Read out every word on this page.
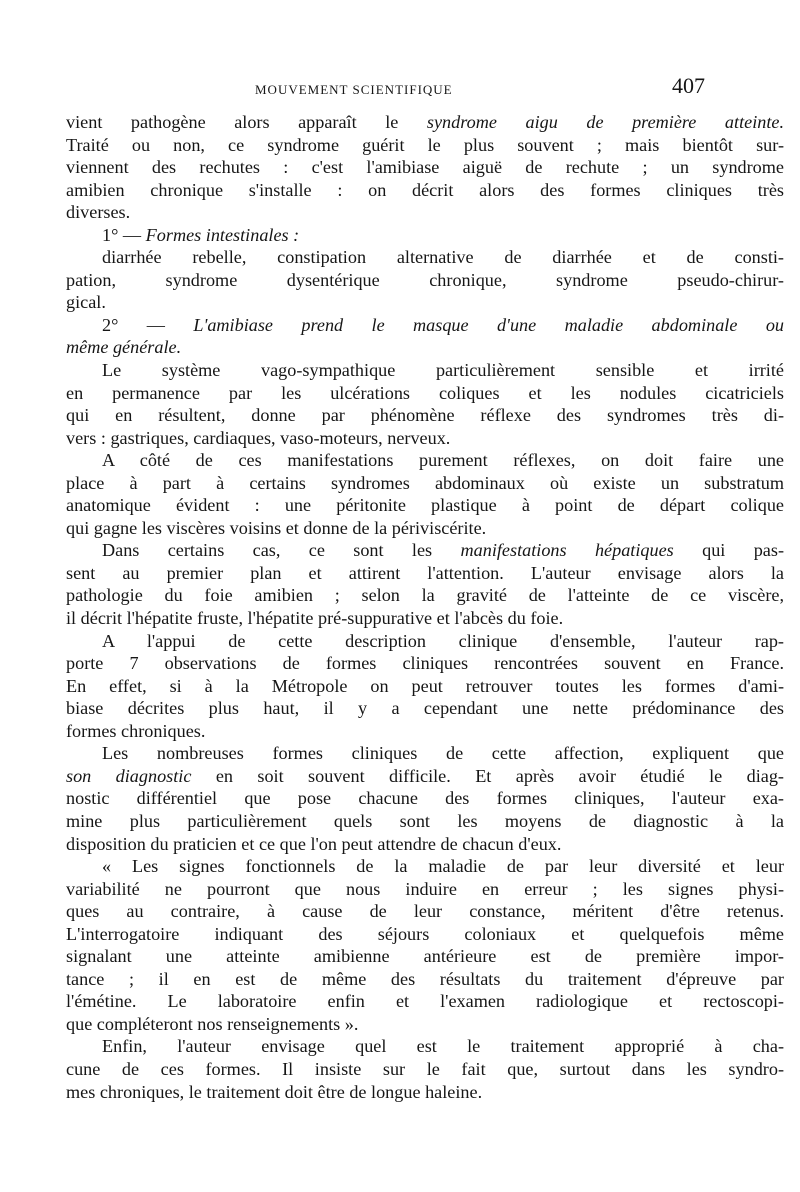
MOUVEMENT SCIENTIFIQUE	407
vient pathogène alors apparaît le syndrome aigu de première atteinte.
Traité ou non, ce syndrome guérit le plus souvent ; mais bientôt sur-
viennent des rechutes : c'est l'amibiase aiguë de rechute ; un syndrome
amibien chronique s'installe : on décrit alors des formes cliniques très
diverses.
1° — Formes intestinales :
diarrhée rebelle, constipation alternative de diarrhée et de consti-
pation, syndrome dysentérique chronique, syndrome pseudo-chirur-
gical.
2° — L'amibiase prend le masque d'une maladie abdominale ou
même générale.
Le système vago-sympathique particulièrement sensible et irrité
en permanence par les ulcérations coliques et les nodules cicatriciels
qui en résultent, donne par phénomène réflexe des syndromes très di-
vers : gastriques, cardiaques, vaso-moteurs, nerveux.
A côté de ces manifestations purement réflexes, on doit faire une
place à part à certains syndromes abdominaux où existe un substratum
anatomique évident : une péritonite plastique à point de départ colique
qui gagne les viscères voisins et donne de la périviscérite.
Dans certains cas, ce sont les manifestations hépatiques qui pas-
sent au premier plan et attirent l'attention. L'auteur envisage alors la
pathologie du foie amibien ; selon la gravité de l'atteinte de ce viscère,
il décrit l'hépatite fruste, l'hépatite pré-suppurative et l'abcès du foie.
A l'appui de cette description clinique d'ensemble, l'auteur rap-
porte 7 observations de formes cliniques rencontrées souvent en France.
En effet, si à la Métropole on peut retrouver toutes les formes d'ami-
biase décrites plus haut, il y a cependant une nette prédominance des
formes chroniques.
Les nombreuses formes cliniques de cette affection, expliquent que
son diagnostic en soit souvent difficile. Et après avoir étudié le diag-
nostic différentiel que pose chacune des formes cliniques, l'auteur exa-
mine plus particulièrement quels sont les moyens de diagnostic à la
disposition du praticien et ce que l'on peut attendre de chacun d'eux.
« Les signes fonctionnels de la maladie de par leur diversité et leur
variabilité ne pourront que nous induire en erreur ; les signes physi-
ques au contraire, à cause de leur constance, méritent d'être retenus.
L'interrogatoire indiquant des séjours coloniaux et quelquefois même
signalant une atteinte amibienne antérieure est de première impor-
tance ; il en est de même des résultats du traitement d'épreuve par
l'émétine. Le laboratoire enfin et l'examen radiologique et rectoscopi-
que compléteront nos renseignements ».
Enfin, l'auteur envisage quel est le traitement approprié à cha-
cune de ces formes. Il insiste sur le fait que, surtout dans les syndro-
mes chroniques, le traitement doit être de longue haleine.
